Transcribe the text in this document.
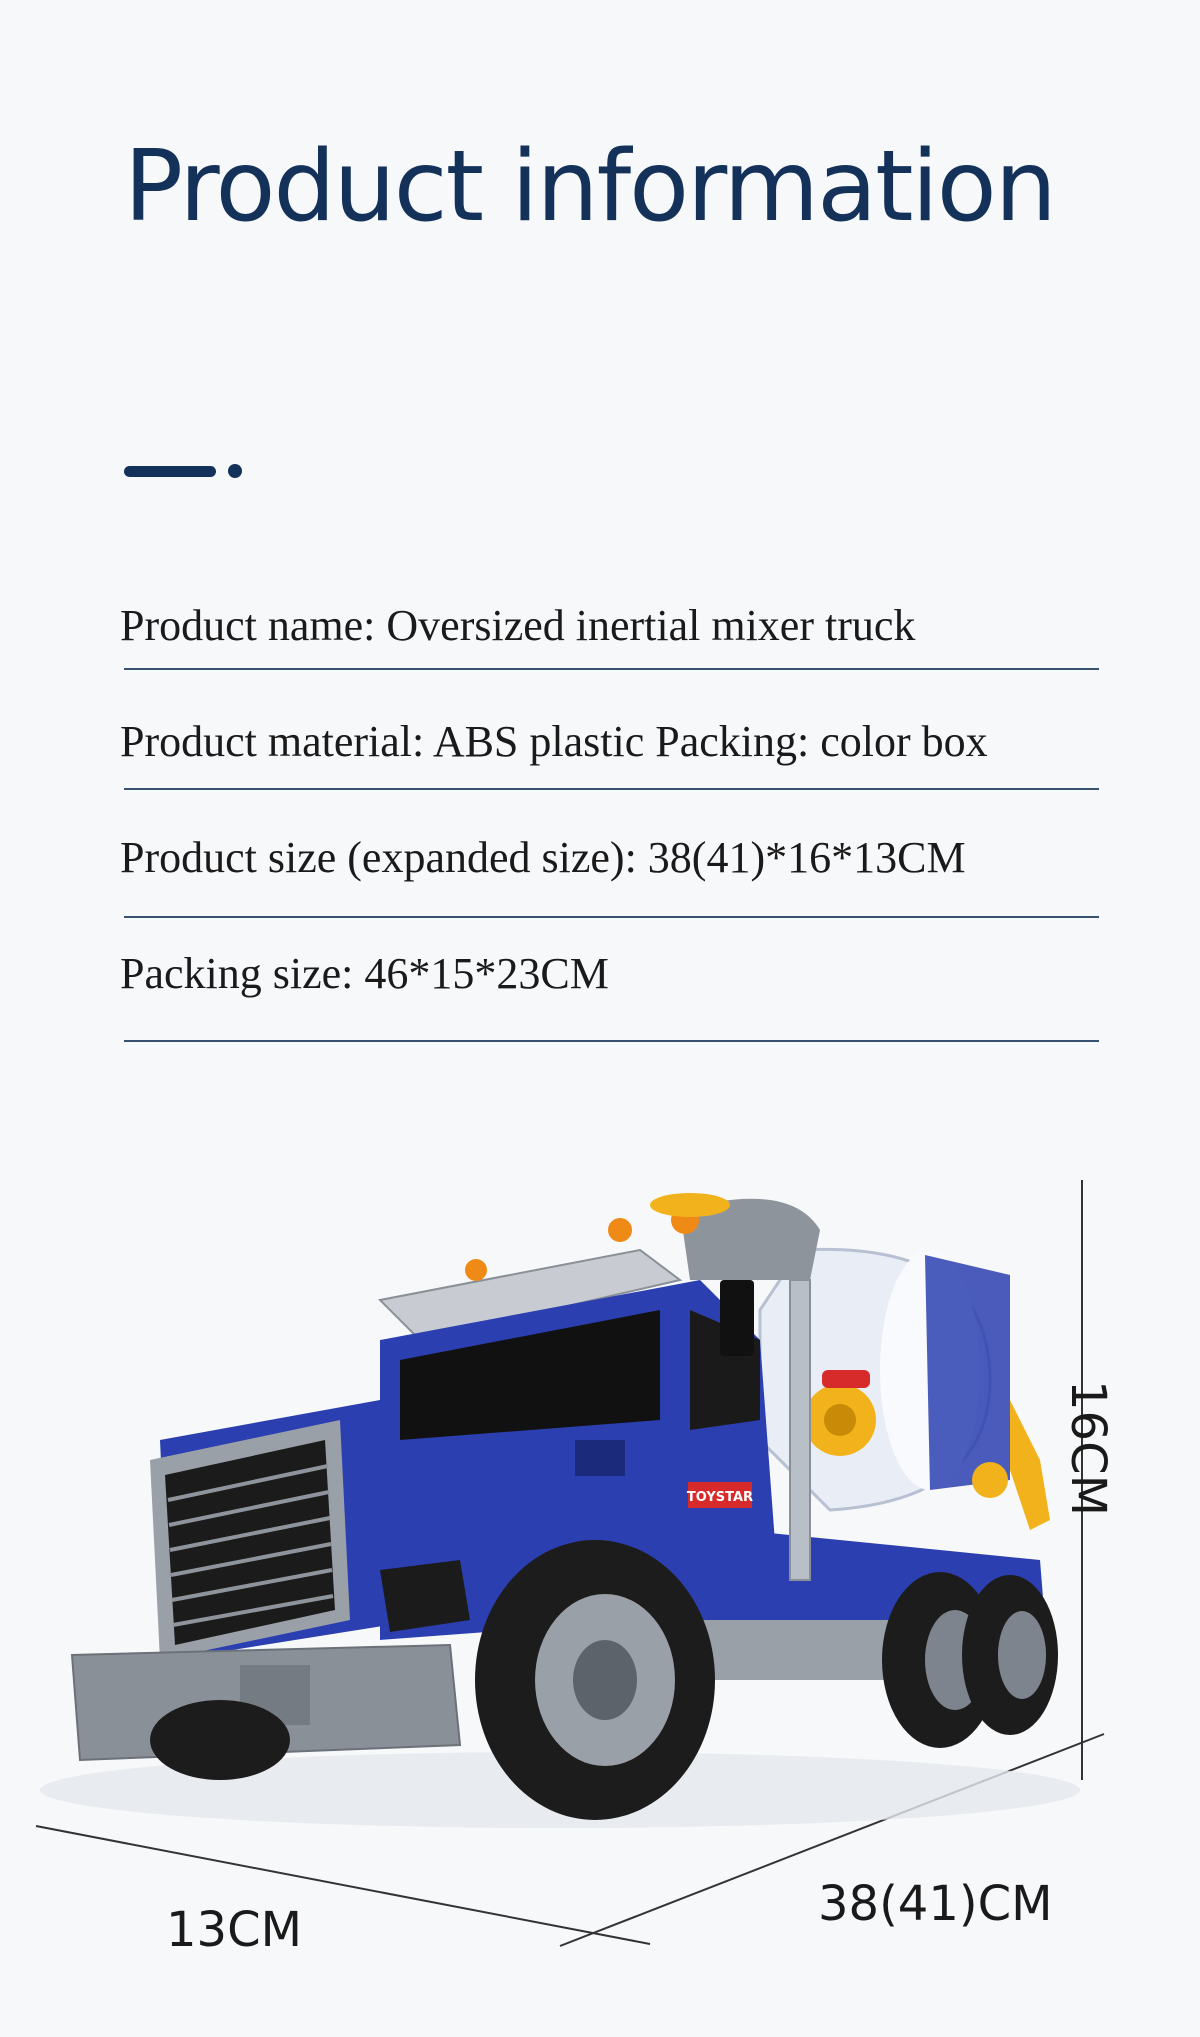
Product information
Product name: Oversized inertial mixer truck
Product material: ABS plastic Packing: color box
Product size (expanded size): 38(41)*16*13CM
Packing size: 46*15*23CM
TOYSTAR	16CM
38(41)CM
13CM
